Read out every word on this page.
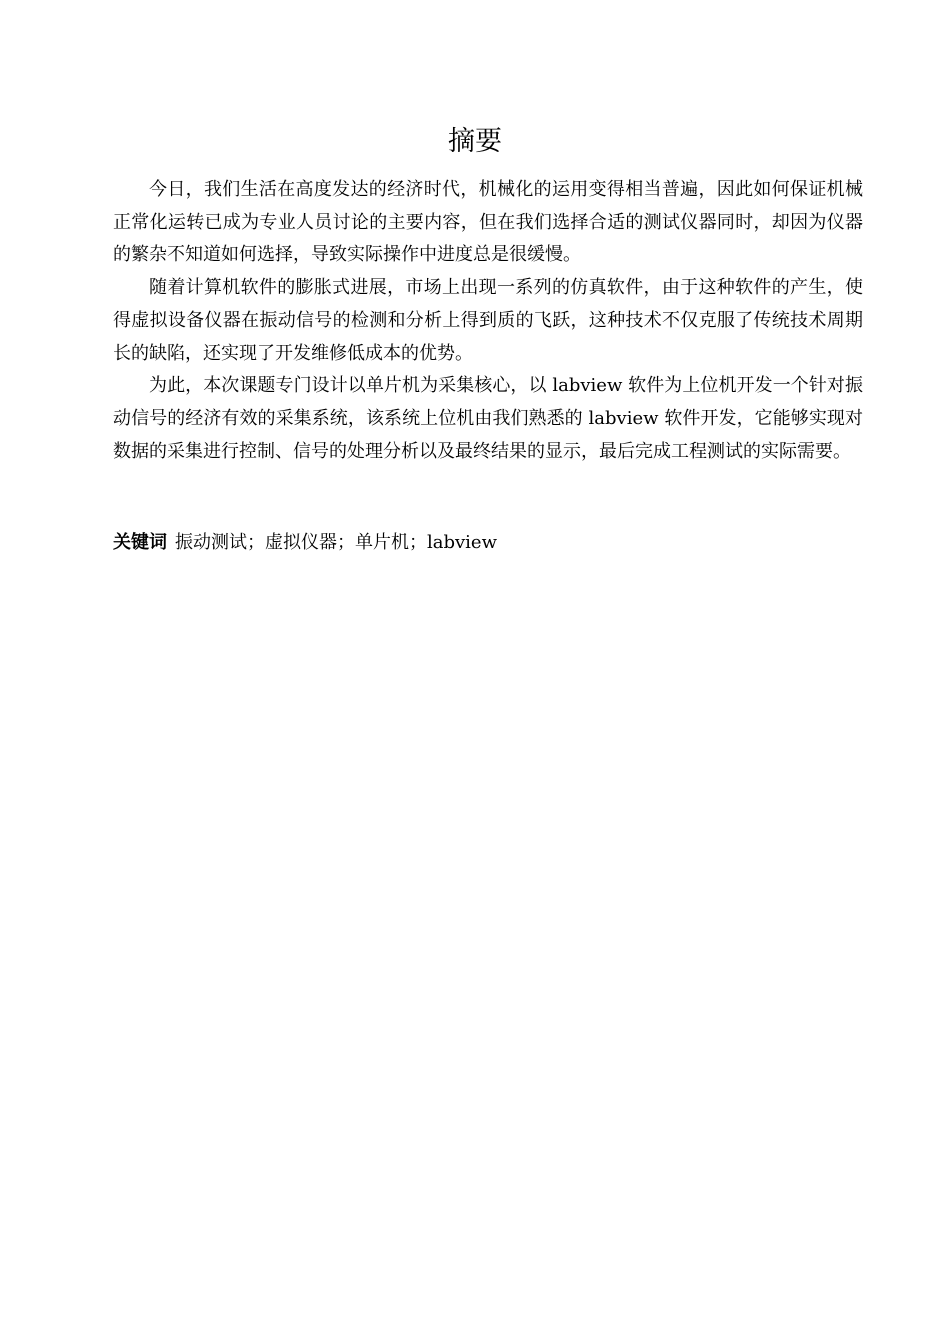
摘要

今日，我们生活在高度发达的经济时代，机械化的运用变得相当普遍，因此如何保证机械正常化运转已成为专业人员讨论的主要内容，但在我们选择合适的测试仪器同时，却因为仪器的繁杂不知道如何选择，导致实际操作中进度总是很缓慢。

随着计算机软件的膨胀式进展，市场上出现一系列的仿真软件，由于这种软件的产生，使得虚拟设备仪器在振动信号的检测和分析上得到质的飞跃，这种技术不仅克服了传统技术周期长的缺陷，还实现了开发维修低成本的优势。

为此，本次课题专门设计以单片机为采集核心，以 labview 软件为上位机开发一个针对振动信号的经济有效的采集系统，该系统上位机由我们熟悉的 labview 软件开发，它能够实现对数据的采集进行控制、信号的处理分析以及最终结果的显示，最后完成工程测试的实际需要。

关键词 振动测试；虚拟仪器；单片机；labview
